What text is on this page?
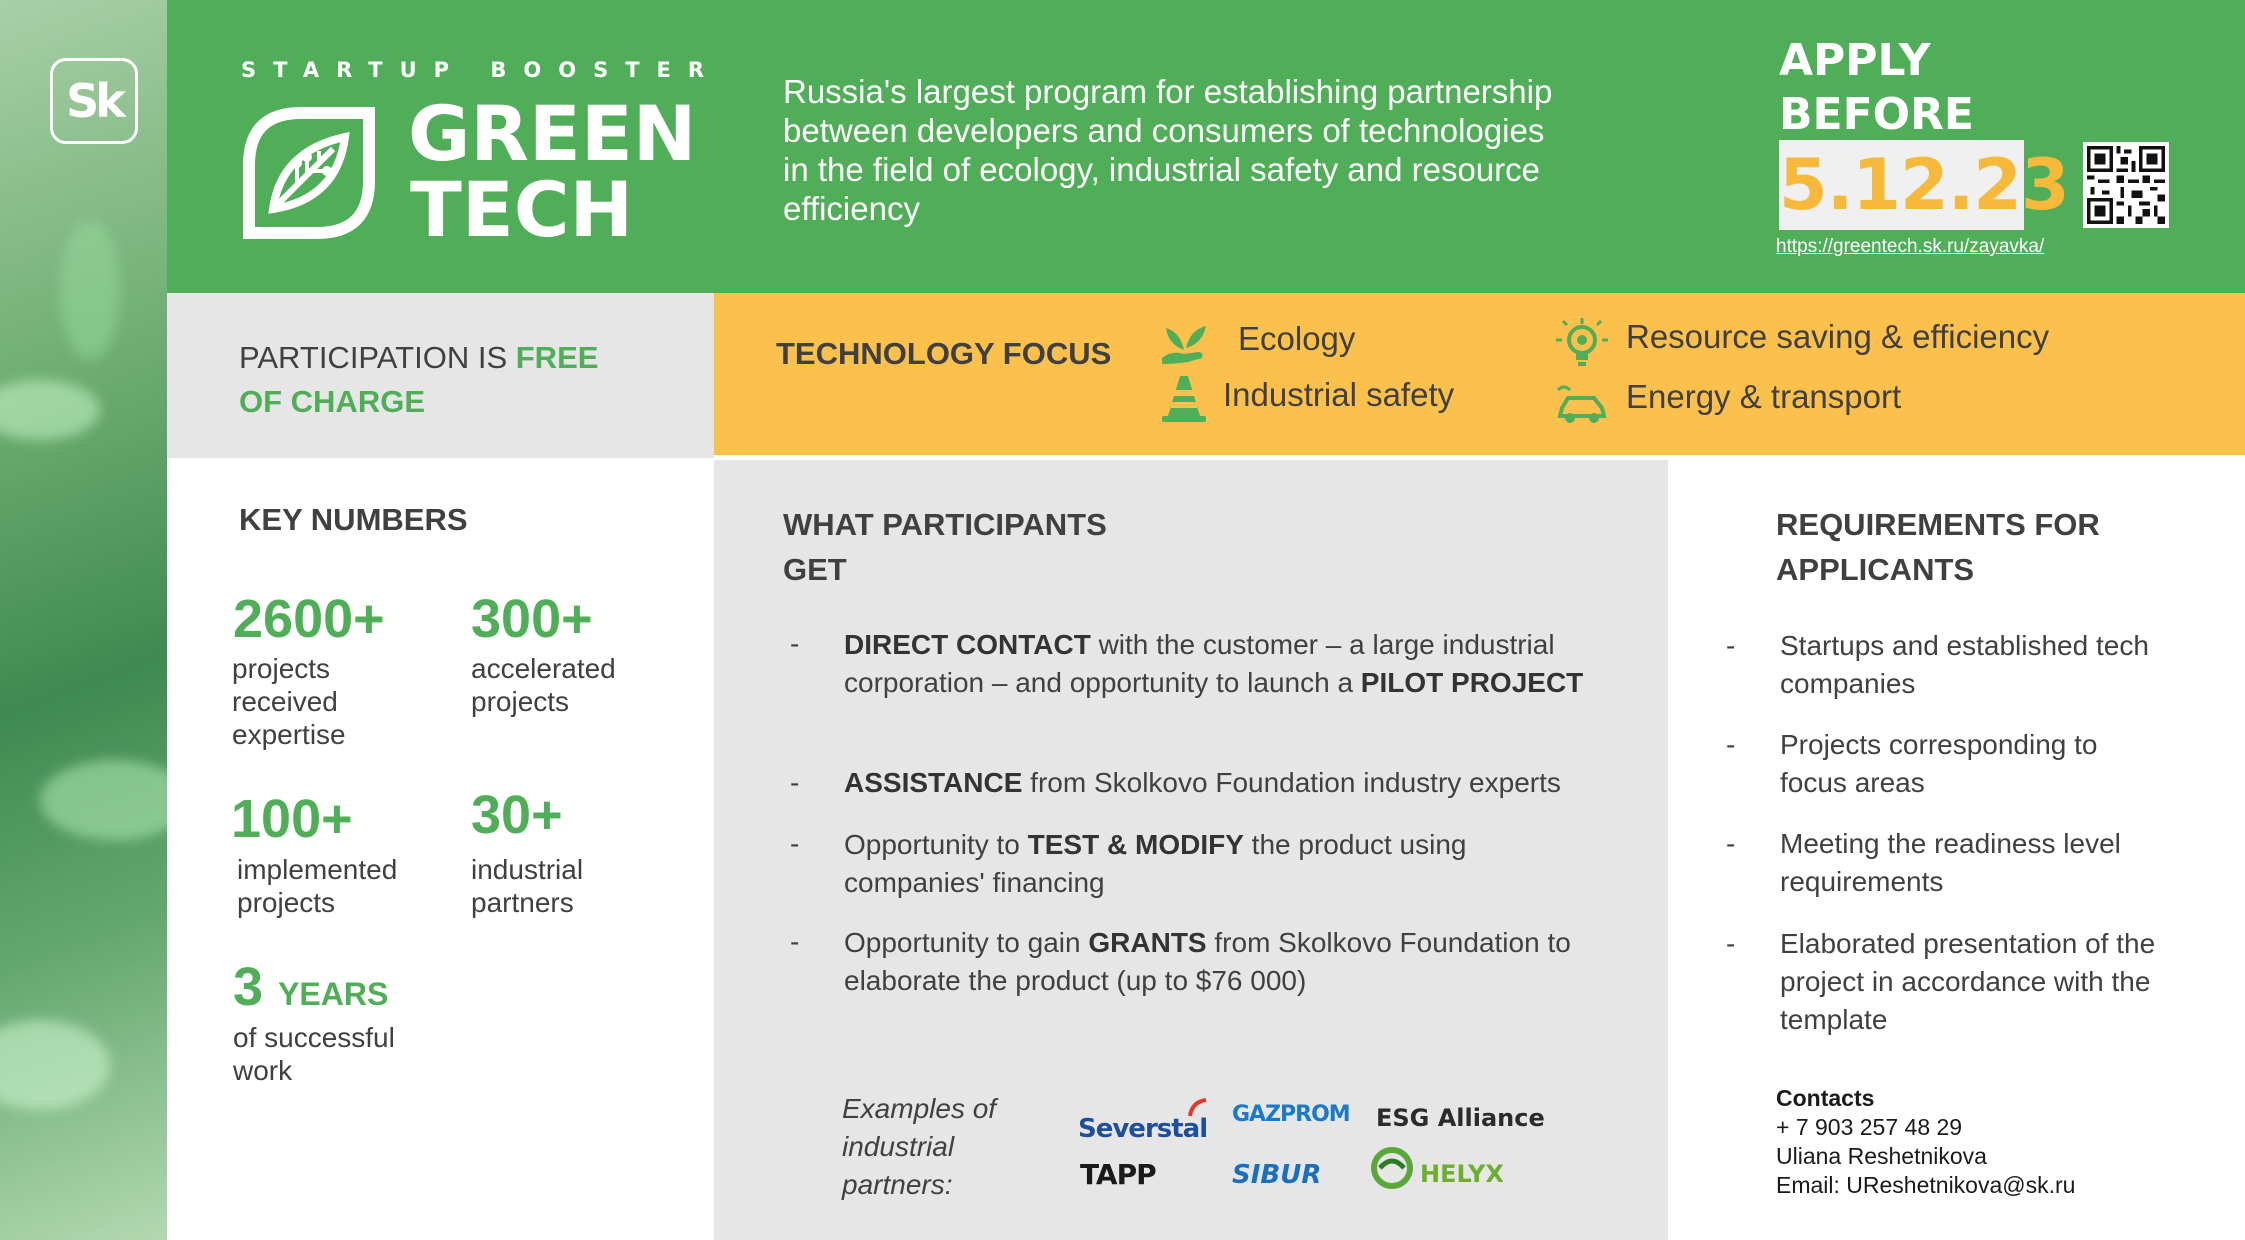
Sk
STARTUP BOOSTER
GREEN
TECH
Russia's largest program for establishing partnership between developers and consumers of technologies in the field of ecology, industrial safety and resource efficiency
APPLY
BEFORE
5.12.23
https://greentech.sk.ru/zayavka/
PARTICIPATION IS FREE
OF CHARGE
TECHNOLOGY FOCUS	Ecology
Industrial safety
Resource saving & efficiency
Energy & transport
KEY NUMBERS
2600+
projects received expertise
300+
accelerated projects
100+
implemented projects
30+
industrial partners
3 YEARS
of successful work
WHAT PARTICIPANTS
GET
- DIRECT CONTACT with the customer – a large industrial corporation – and opportunity to launch a PILOT PROJECT
- ASSISTANCE from Skolkovo Foundation industry experts
- Opportunity to TEST & MODIFY the product using companies' financing
- Opportunity to gain GRANTS from Skolkovo Foundation to elaborate the product (up to $76 000)
Examples of industrial partners:
Severstal GAZPROM ESG Alliance
TAPP	SIBUR	HELYX
REQUIREMENTS FOR
APPLICANTS
- Startups and established tech companies
- Projects corresponding to focus areas
- Meeting the readiness level requirements
- Elaborated presentation of the project in accordance with the template
Contacts
+ 7 903 257 48 29
Uliana Reshetnikova
Email: UReshetnikova@sk.ru
